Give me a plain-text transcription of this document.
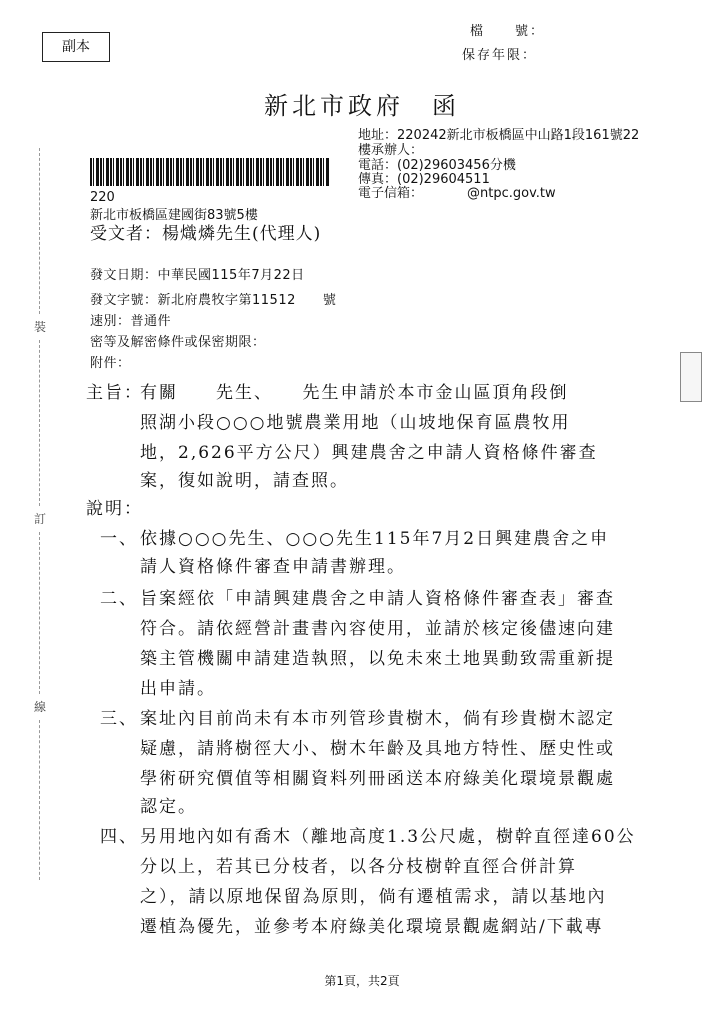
副本
檔　　號：
保存年限：
新北市政府　函
地址：220242新北市板橋區中山路1段161號22
樓承辦人：
電話：(02)29603456分機
傳真：(02)29604511
電子信箱：	@ntpc.gov.tw
220
新北市板橋區建國街83號5樓
受文者：楊熾燐先生(代理人)
發文日期：中華民國115年7月22日
發文字號：新北府農牧字第11512　　號
速別：普通件
密等及解密條件或保密期限：
附件：
主旨：
有關　　先生、　　先生申請於本市金山區頂角段倒
照湖小段○○○地號農業用地（山坡地保育區農牧用
地，2,626平方公尺）興建農舍之申請人資格條件審查
案，復如說明，請查照。
說明：
一、 依據○○○先生、○○○先生115年7月2日興建農舍之申
請人資格條件審查申請書辦理。
二、 旨案經依「申請興建農舍之申請人資格條件審查表」審查
符合。請依經營計畫書內容使用，並請於核定後儘速向建
築主管機關申請建造執照，以免未來土地異動致需重新提
出申請。
三、 案址內目前尚未有本市列管珍貴樹木，倘有珍貴樹木認定
疑慮，請將樹徑大小、樹木年齡及具地方特性、歷史性或
學術研究價值等相關資料列冊函送本府綠美化環境景觀處
認定。
四、 另用地內如有喬木（離地高度1.3公尺處，樹幹直徑達60公
分以上，若其已分枝者，以各分枝樹幹直徑合併計算
之），請以原地保留為原則，倘有遷植需求，請以基地內
遷植為優先，並參考本府綠美化環境景觀處網站/下載專
裝
訂
線
第1頁，共2頁
